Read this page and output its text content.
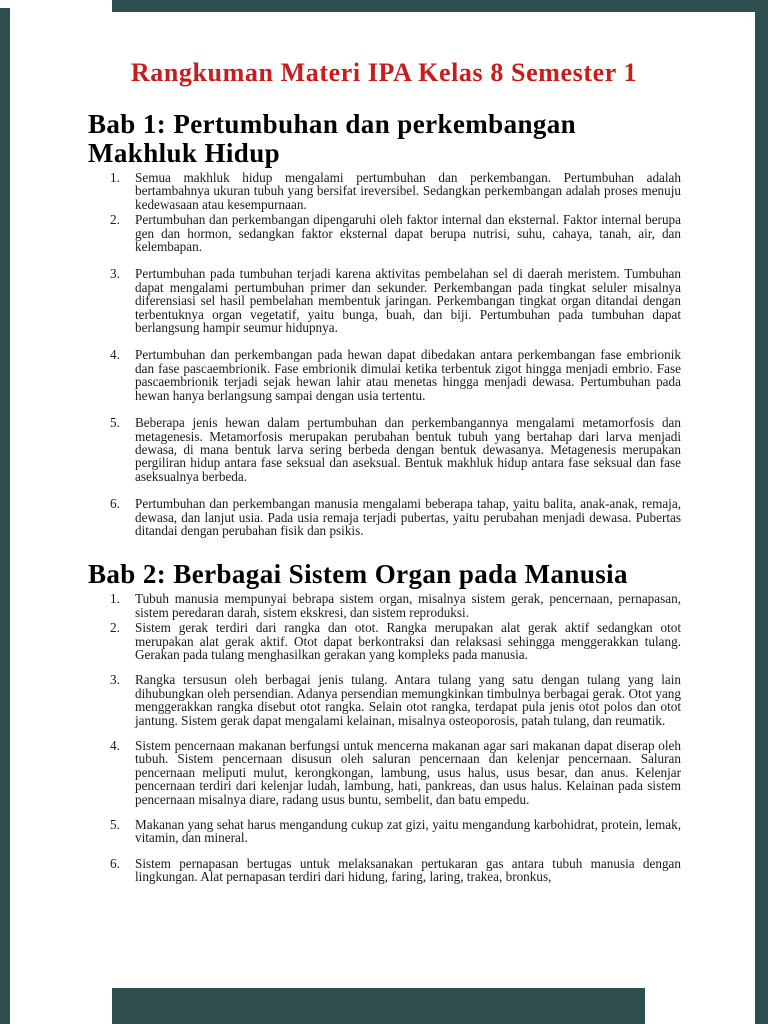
Rangkuman Materi IPA Kelas 8 Semester 1
Bab 1: Pertumbuhan dan perkembangan
Makhluk Hidup
1.	Semua makhluk hidup mengalami pertumbuhan dan perkembangan. Pertumbuhan adalah bertambahnya ukuran tubuh yang bersifat ireversibel. Sedangkan perkembangan adalah proses menuju kedewasaan atau kesempurnaan.
2.	Pertumbuhan dan perkembangan dipengaruhi oleh faktor internal dan eksternal. Faktor internal berupa gen dan hormon, sedangkan faktor eksternal dapat berupa nutrisi, suhu, cahaya, tanah, air, dan kelembapan.
3.	Pertumbuhan pada tumbuhan terjadi karena aktivitas pembelahan sel di daerah meristem. Tumbuhan dapat mengalami pertumbuhan primer dan sekunder. Perkembangan pada tingkat seluler misalnya diferensiasi sel hasil pembelahan membentuk jaringan. Perkembangan tingkat organ ditandai dengan terbentuknya organ vegetatif, yaitu bunga, buah, dan biji. Pertumbuhan pada tumbuhan dapat berlangsung hampir seumur hidupnya.
4.	Pertumbuhan dan perkembangan pada hewan dapat dibedakan antara perkembangan fase embrionik dan fase pascaembrionik. Fase embrionik dimulai ketika terbentuk zigot hingga menjadi embrio. Fase pascaembrionik terjadi sejak hewan lahir atau menetas hingga menjadi dewasa. Pertumbuhan pada hewan hanya berlangsung sampai dengan usia tertentu.
5.	Beberapa jenis hewan dalam pertumbuhan dan perkembangannya mengalami metamorfosis dan metagenesis. Metamorfosis merupakan perubahan bentuk tubuh yang bertahap dari larva menjadi dewasa, di mana bentuk larva sering berbeda dengan bentuk dewasanya. Metagenesis merupakan pergiliran hidup antara fase seksual dan aseksual. Bentuk makhluk hidup antara fase seksual dan fase aseksualnya berbeda.
6.	Pertumbuhan dan perkembangan manusia mengalami beberapa tahap, yaitu balita, anak-anak, remaja, dewasa, dan lanjut usia. Pada usia remaja terjadi pubertas, yaitu perubahan menjadi dewasa. Pubertas ditandai dengan perubahan fisik dan psikis.
Bab 2: Berbagai Sistem Organ pada Manusia
1.	Tubuh manusia mempunyai bebrapa sistem organ, misalnya sistem gerak, pencernaan, pernapasan, sistem peredaran darah, sistem ekskresi, dan sistem reproduksi.
2.	Sistem gerak terdiri dari rangka dan otot. Rangka merupakan alat gerak aktif sedangkan otot merupakan alat gerak aktif. Otot dapat berkontraksi dan relaksasi sehingga menggerakkan tulang. Gerakan pada tulang menghasilkan gerakan yang kompleks pada manusia.
3.	Rangka tersusun oleh berbagai jenis tulang. Antara tulang yang satu dengan tulang yang lain dihubungkan oleh persendian. Adanya persendian memungkinkan timbulnya berbagai gerak. Otot yang menggerakkan rangka disebut otot rangka. Selain otot rangka, terdapat pula jenis otot polos dan otot jantung. Sistem gerak dapat mengalami kelainan, misalnya osteoporosis, patah tulang, dan reumatik.
4.	Sistem pencernaan makanan berfungsi untuk mencerna makanan agar sari makanan dapat diserap oleh tubuh. Sistem pencernaan disusun oleh saluran pencernaan dan kelenjar pencernaan. Saluran pencernaan meliputi mulut, kerongkongan, lambung, usus halus, usus besar, dan anus. Kelenjar pencernaan terdiri dari kelenjar ludah, lambung, hati, pankreas, dan usus halus. Kelainan pada sistem pencernaan misalnya diare, radang usus buntu, sembelit, dan batu empedu.
5.	Makanan yang sehat harus mengandung cukup zat gizi, yaitu mengandung karbohidrat, protein, lemak, vitamin, dan mineral.
6.	Sistem pernapasan bertugas untuk melaksanakan pertukaran gas antara tubuh manusia dengan lingkungan. Alat pernapasan terdiri dari hidung, faring, laring, trakea, bronkus,
